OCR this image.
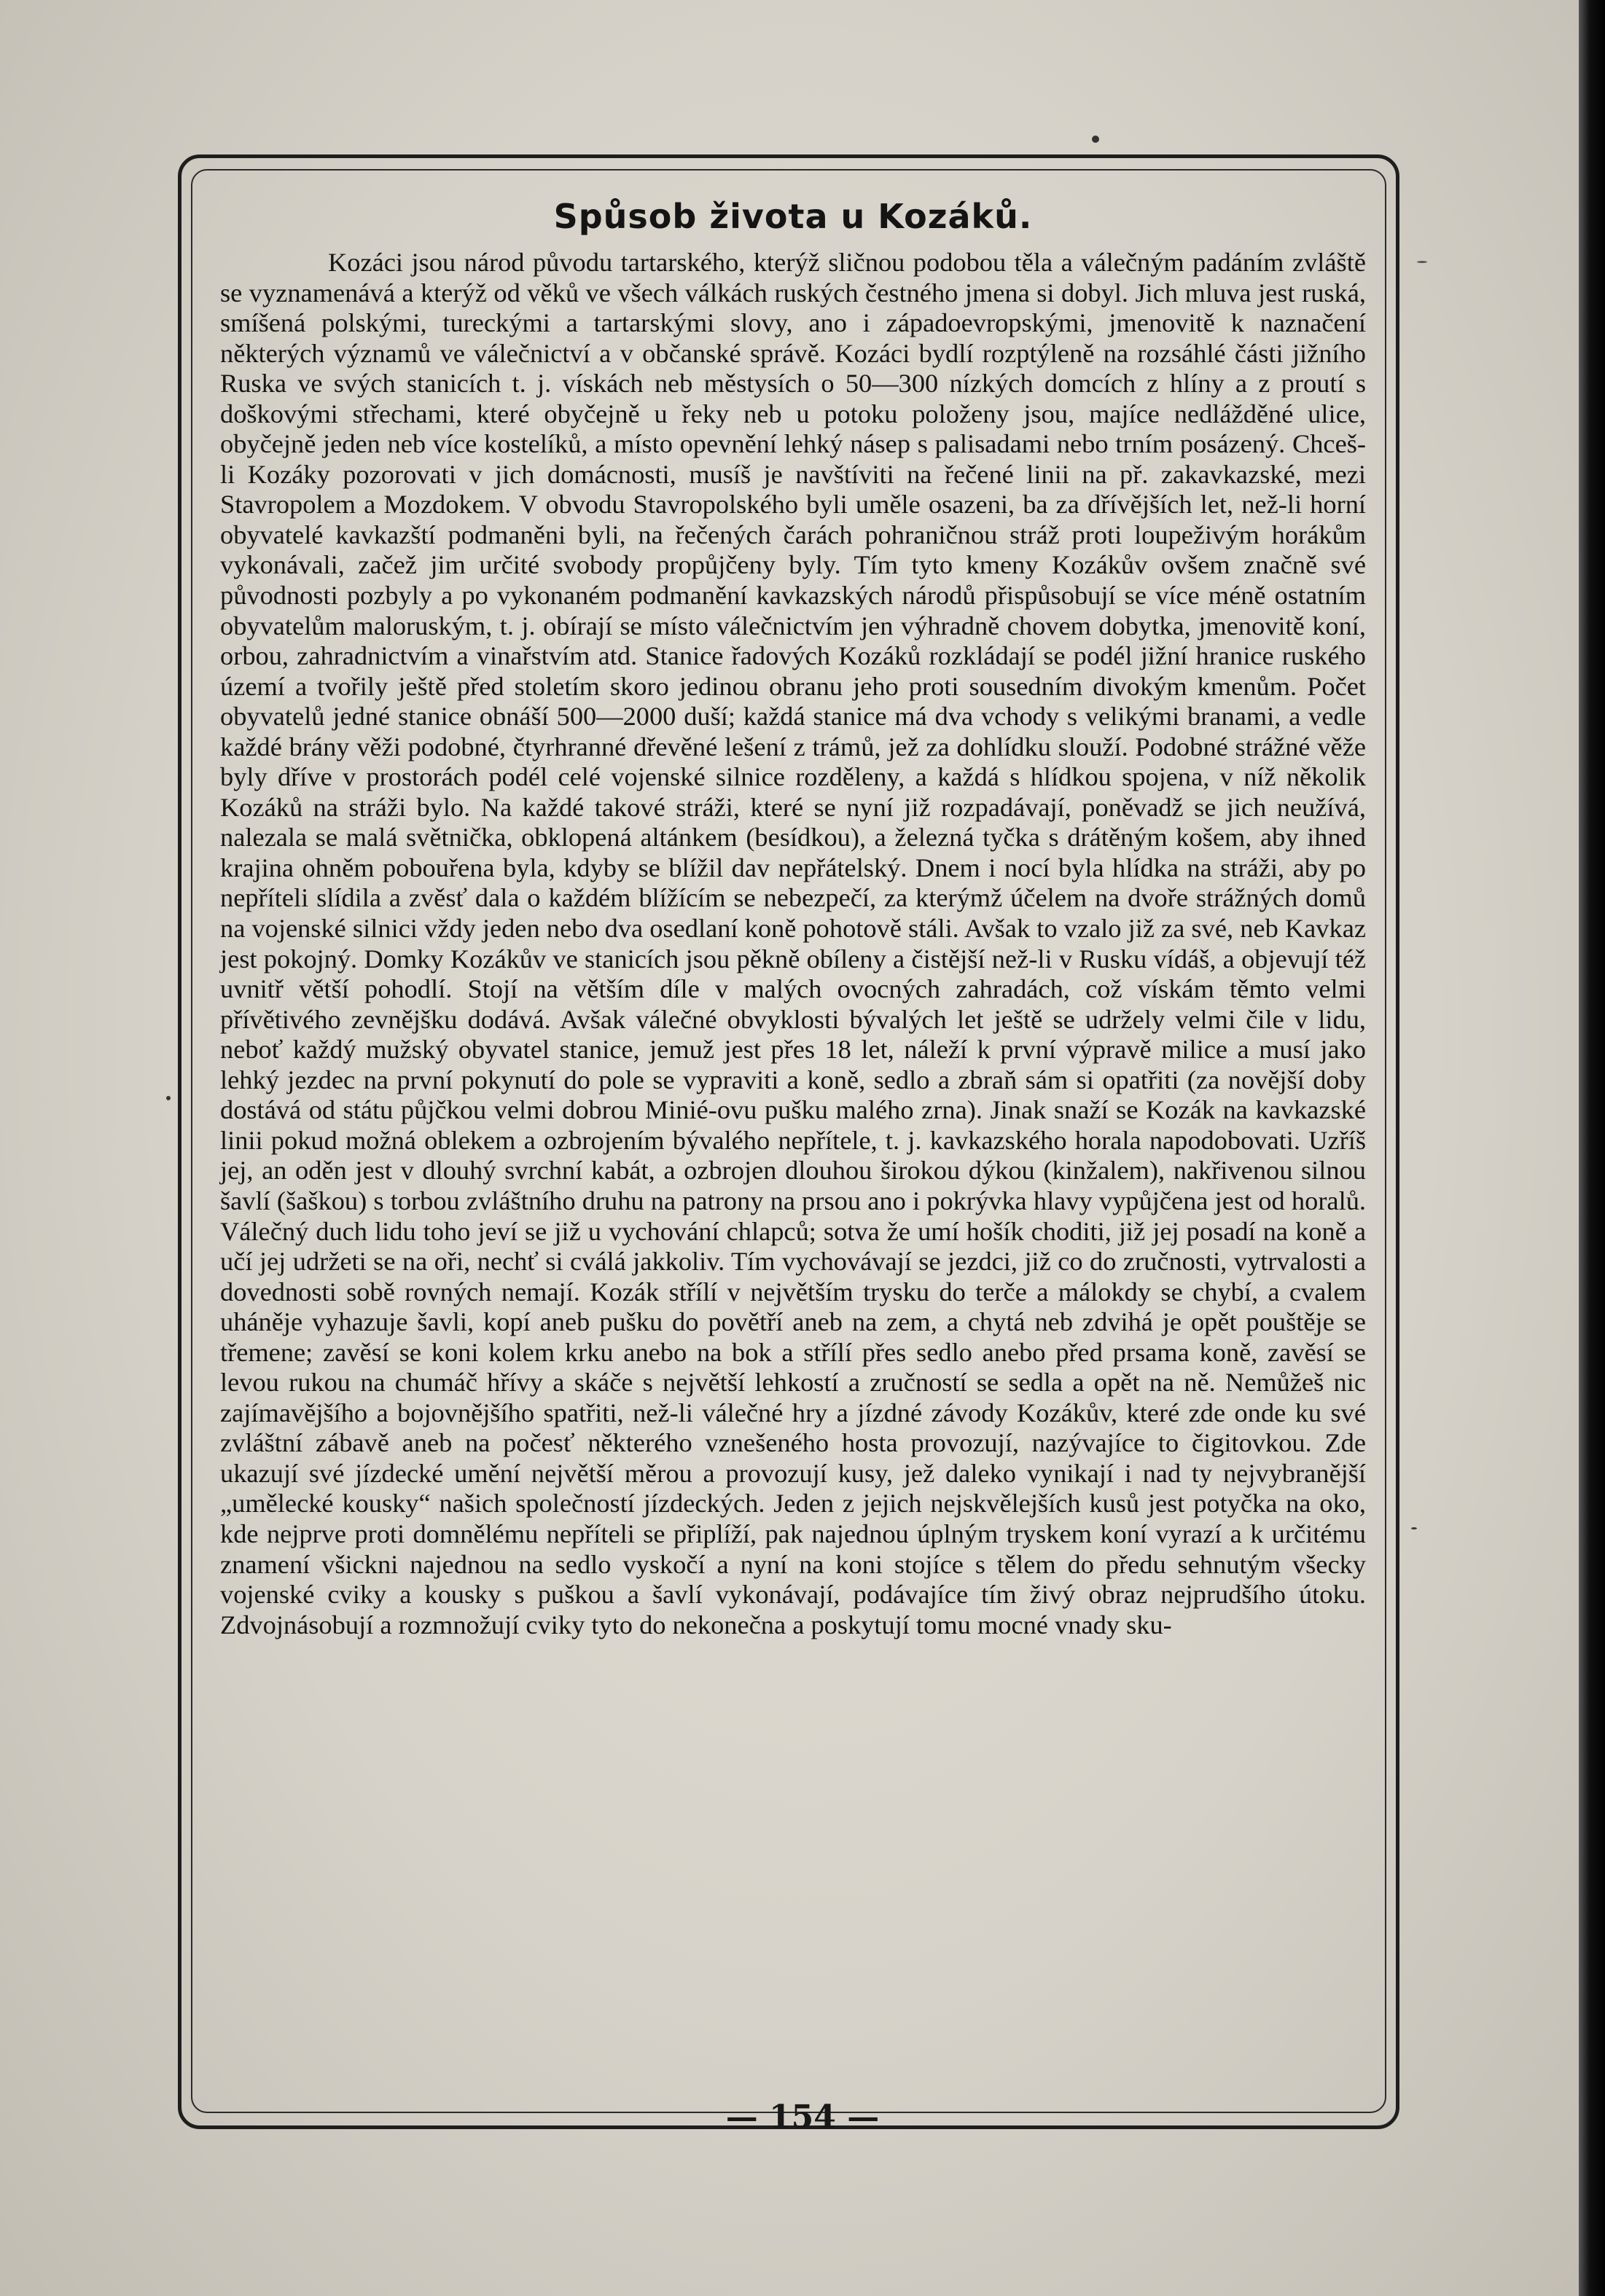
Spůsob života u Kozáků.

Kozáci jsou národ původu tartarského, kterýž sličnou podobou těla a válečným padáním zvláště se vyznamenává a kterýž od věků ve všech válkách ruských čestného jmena si dobyl. Jich mluva jest ruská, smíšená polskými, tureckými a tartarskými slovy, ano i západoevropskými, jmenovitě k naznačení některých významů ve válečnictví a v občanské správě. Kozáci bydlí rozptýleně na rozsáhlé části jižního Ruska ve svých stanicích t. j. vískách neb městysích o 50—300 nízkých domcích z hlíny a z proutí s doškovými střechami, které obyčejně u řeky neb u potoku položeny jsou, majíce nedlážděné ulice, obyčejně jeden neb více kostelíků, a místo opevnění lehký násep s palisadami nebo trním posázený. Chceš-li Kozáky pozorovati v jich domácnosti, musíš je navštíviti na řečené linii na př. zakavkazské, mezi Stavropolem a Mozdokem. V obvodu Stavropolského byli uměle osazeni, ba za dřívějších let, než-li horní obyvatelé kavkazští podmaněni byli, na řečených čarách pohraničnou stráž proti loupeživým horákům vykonávali, začež jim určité svobody propůjčeny byly. Tím tyto kmeny Kozákův ovšem značně své původnosti pozbyly a po vykonaném podmanění kavkazských národů přispůsobují se více méně ostatním obyvatelům maloruským, t. j. obírají se místo válečnictvím jen výhradně chovem dobytka, jmenovitě koní, orbou, zahradnictvím a vinařstvím atd. Stanice řadových Kozáků rozkládají se podél jižní hranice ruského území a tvořily ještě před stoletím skoro jedinou obranu jeho proti sousedním divokým kmenům. Počet obyvatelů jedné stanice obnáší 500—2000 duší; každá stanice má dva vchody s velikými branami, a vedle každé brány věži podobné, čtyrhranné dřevěné lešení z trámů, jež za dohlídku slouží. Podobné strážné věže byly dříve v prostorách podél celé vojenské silnice rozděleny, a každá s hlídkou spojena, v níž několik Kozáků na stráži bylo. Na každé takové stráži, které se nyní již rozpadávají, poněvadž se jich neužívá, nalezala se malá světnička, obklopená altánkem (besídkou), a železná tyčka s drátěným košem, aby ihned krajina ohněm pobouřena byla, kdyby se blížil dav nepřátelský. Dnem i nocí byla hlídka na stráži, aby po nepříteli slídila a zvěsť dala o každém blížícím se nebezpečí, za kterýmž účelem na dvoře strážných domů na vojenské silnici vždy jeden nebo dva osedlaní koně pohotově stáli. Avšak to vzalo již za své, neb Kavkaz jest pokojný. Domky Kozákův ve stanicích jsou pěkně obíleny a čistější než-li v Rusku vídáš, a objevují též uvnitř větší pohodlí. Stojí na větším díle v malých ovocných zahradách, což vískám těmto velmi přívětivého zevnějšku dodává. Avšak válečné obvyklosti bývalých let ještě se udržely velmi čile v lidu, neboť každý mužský obyvatel stanice, jemuž jest přes 18 let, náleží k první výpravě milice a musí jako lehký jezdec na první pokynutí do pole se vypraviti a koně, sedlo a zbraň sám si opatřiti (za novější doby dostává od státu půjčkou velmi dobrou Minié-ovu pušku malého zrna). Jinak snaží se Kozák na kavkazské linii pokud možná oblekem a ozbrojením bývalého nepřítele, t. j. kavkazského horala napodobovati. Uzříš jej, an oděn jest v dlouhý svrchní kabát, a ozbrojen dlouhou širokou dýkou (kinžalem), nakřivenou silnou šavlí (šaškou) s torbou zvláštního druhu na patrony na prsou ano i pokrývka hlavy vypůjčena jest od horalů. Válečný duch lidu toho jeví se již u vychování chlapců; sotva že umí hošík choditi, již jej posadí na koně a učí jej udržeti se na oři, nechť si cválá jakkoliv. Tím vychovávají se jezdci, již co do zručnosti, vytrvalosti a dovednosti sobě rovných nemají. Kozák střílí v největším trysku do terče a málokdy se chybí, a cvalem uháněje vyhazuje šavli, kopí aneb pušku do povětří aneb na zem, a chytá neb zdvihá je opět pouštěje se třemene; zavěsí se koni kolem krku anebo na bok a střílí přes sedlo anebo před prsama koně, zavěsí se levou rukou na chumáč hřívy a skáče s největší lehkostí a zručností se sedla a opět na ně. Nemůžeš nic zajímavějšího a bojovnějšího spatřiti, než-li válečné hry a jízdné závody Kozákův, které zde onde ku své zvláštní zábavě aneb na počesť některého vznešeného hosta provozují, nazývajíce to čigitovkou. Zde ukazují své jízdecké umění největší měrou a provozují kusy, jež daleko vynikají i nad ty nejvybranější „umělecké kousky“ našich společností jízdeckých. Jeden z jejich nejskvělejších kusů jest potyčka na oko, kde nejprve proti domnělému nepříteli se připlíží, pak najednou úplným tryskem koní vyrazí a k určitému znamení všickni najednou na sedlo vyskočí a nyní na koni stojíce s tělem do předu sehnutým všecky vojenské cviky a kousky s puškou a šavlí vykonávají, podávajíce tím živý obraz nejprudšího útoku. Zdvojnásobují a rozmnožují cviky tyto do nekonečna a poskytují tomu mocné vnady sku-

— 154 —
